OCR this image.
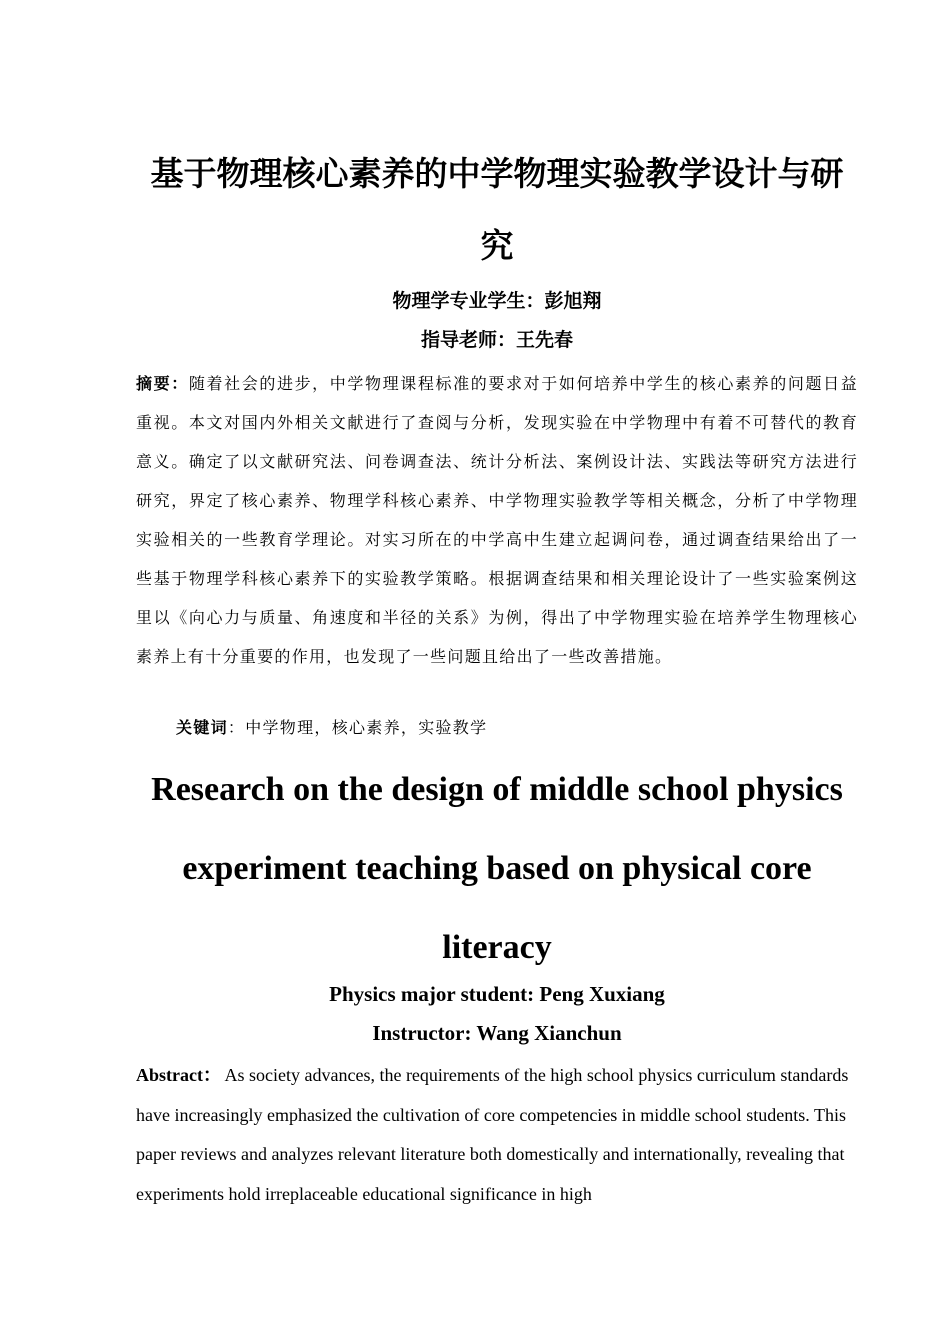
基于物理核心素养的中学物理实验教学设计与研究
物理学专业学生：彭旭翔
指导老师：王先春

摘要：随着社会的进步，中学物理课程标准的要求对于如何培养中学生的核心素养的问题日益重视。本文对国内外相关文献进行了查阅与分析，发现实验在中学物理中有着不可替代的教育意义。确定了以文献研究法、问卷调查法、统计分析法、案例设计法、实践法等研究方法进行研究，界定了核心素养、物理学科核心素养、中学物理实验教学等相关概念，分析了中学物理实验相关的一些教育学理论。对实习所在的中学高中生建立起调问卷，通过调查结果给出了一些基于物理学科核心素养下的实验教学策略。根据调查结果和相关理论设计了一些实验案例这里以《向心力与质量、角速度和半径的关系》为例，得出了中学物理实验在培养学生物理核心素养上有十分重要的作用，也发现了一些问题且给出了一些改善措施。

关键词：中学物理，核心素养，实验教学
Research on the design of middle school physics experiment teaching based on physical core literacy
Physics major student: Peng Xuxiang
Instructor: Wang Xianchun

Abstract： As society advances, the requirements of the high school physics curriculum standards have increasingly emphasized the cultivation of core competencies in middle school students. This paper reviews and analyzes relevant literature both domestically and internationally, revealing that experiments hold irreplaceable educational significance in high
